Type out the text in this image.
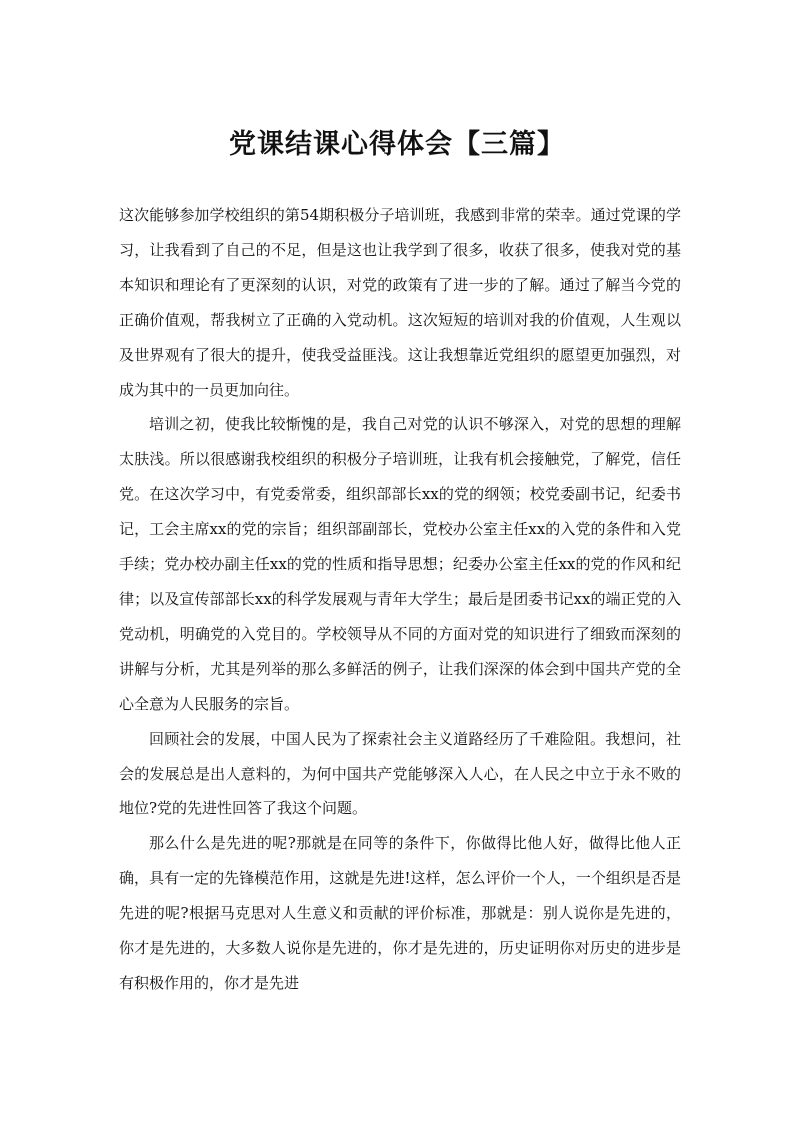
党课结课心得体会【三篇】

这次能够参加学校组织的第54期积极分子培训班，我感到非常的荣幸。通过党课的学习，让我看到了自己的不足，但是这也让我学到了很多，收获了很多，使我对党的基本知识和理论有了更深刻的认识，对党的政策有了进一步的了解。通过了解当今党的正确价值观，帮我树立了正确的入党动机。这次短短的培训对我的价值观，人生观以及世界观有了很大的提升，使我受益匪浅。这让我想靠近党组织的愿望更加强烈，对成为其中的一员更加向往。

培训之初，使我比较惭愧的是，我自己对党的认识不够深入，对党的思想的理解太肤浅。所以很感谢我校组织的积极分子培训班，让我有机会接触党，了解党，信任党。在这次学习中，有党委常委，组织部部长xx的党的纲领；校党委副书记，纪委书记，工会主席xx的党的宗旨；组织部副部长，党校办公室主任xx的入党的条件和入党手续；党办校办副主任xx的党的性质和指导思想；纪委办公室主任xx的党的作风和纪律；以及宣传部部长xx的科学发展观与青年大学生；最后是团委书记xx的端正党的入党动机，明确党的入党目的。学校领导从不同的方面对党的知识进行了细致而深刻的讲解与分析，尤其是列举的那么多鲜活的例子，让我们深深的体会到中国共产党的全心全意为人民服务的宗旨。

回顾社会的发展，中国人民为了探索社会主义道路经历了千难险阻。我想问，社会的发展总是出人意料的，为何中国共产党能够深入人心，在人民之中立于永不败的地位?党的先进性回答了我这个问题。

那么什么是先进的呢?那就是在同等的条件下，你做得比他人好，做得比他人正确，具有一定的先锋模范作用，这就是先进!这样，怎么评价一个人，一个组织是否是先进的呢?根据马克思对人生意义和贡献的评价标准，那就是：别人说你是先进的，你才是先进的，大多数人说你是先进的，你才是先进的，历史证明你对历史的进步是有积极作用的，你才是先进
